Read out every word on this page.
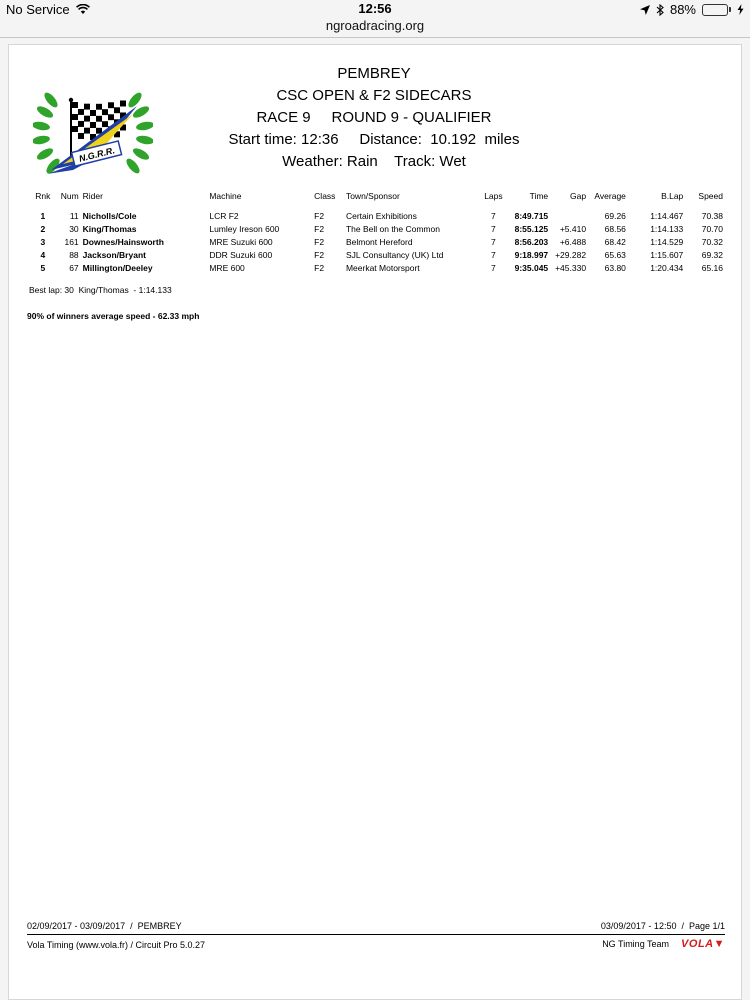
No Service	12:56	88%
ngroadracing.org
N.G.R.R.
PEMBREY
CSC OPEN & F2 SIDECARS
RACE 9     ROUND 9 - QUALIFIER
Start time: 12:36     Distance:  10.192  miles
Weather: Rain    Track: Wet
Rnk	Num	Rider	Machine	Class	Town/Sponsor	Laps	Time	Gap	Average	B.Lap	Speed
1	11	Nicholls/Cole	LCR F2	F2	Certain Exhibitions	7	8:49.715		69.26	1:14.467	70.38
2	30	King/Thomas	Lumley Ireson 600	F2	The Bell on the Common	7	8:55.125	+5.410	68.56	1:14.133	70.70
3	161	Downes/Hainsworth	MRE Suzuki 600	F2	Belmont Hereford	7	8:56.203	+6.488	68.42	1:14.529	70.32
4	88	Jackson/Bryant	DDR Suzuki 600	F2	SJL Consultancy (UK) Ltd	7	9:18.997	+29.282	65.63	1:15.607	69.32
5	67	Millington/Deeley	MRE 600	F2	Meerkat Motorsport	7	9:35.045	+45.330	63.80	1:20.434	65.16
Best lap: 30  King/Thomas  - 1:14.133
90% of winners average speed - 62.33 mph
02/09/2017 - 03/09/2017  /  PEMBREY	03/09/2017 - 12:50  /  Page 1/1
Vola Timing (www.vola.fr) / Circuit Pro 5.0.27	NG Timing Team VOLA▼
